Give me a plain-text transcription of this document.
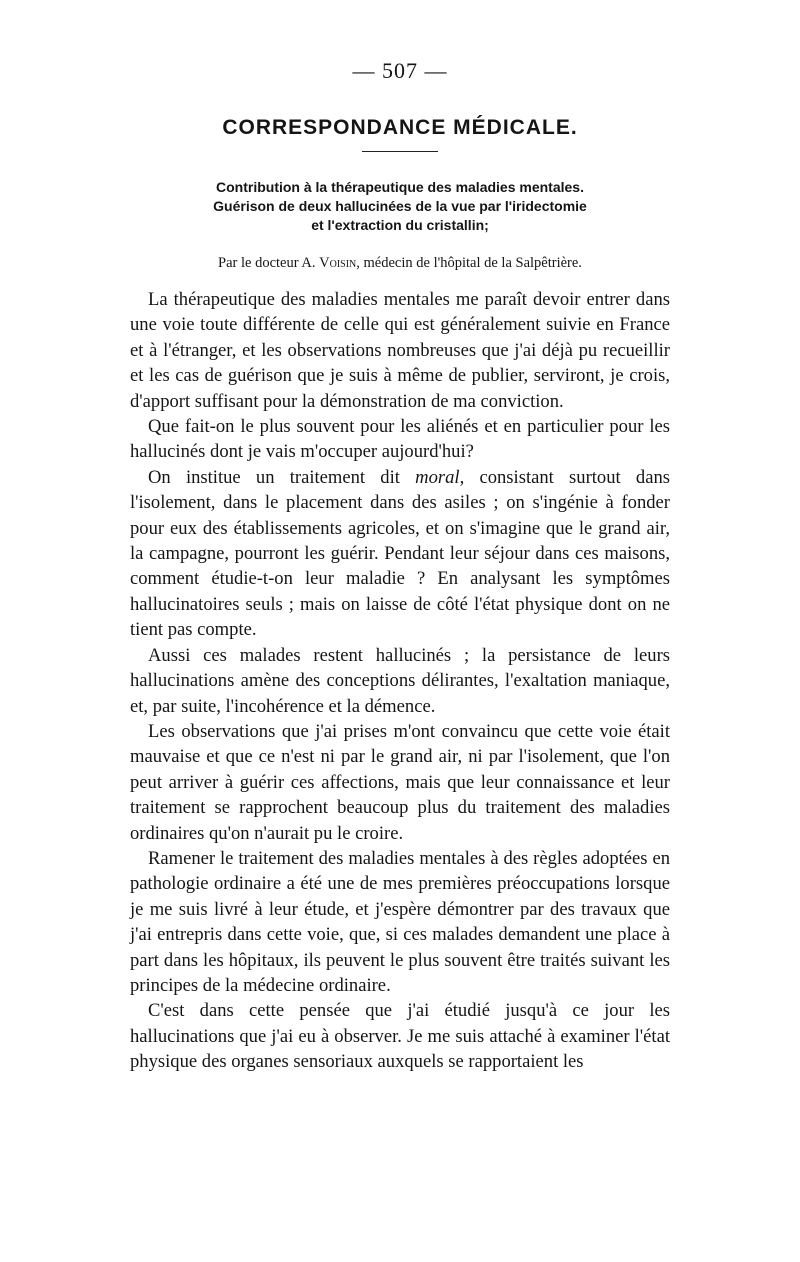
— 507 —
CORRESPONDANCE MÉDICALE.
Contribution à la thérapeutique des maladies mentales.
Guérison de deux hallucinées de la vue par l'iridectomie
et l'extraction du cristallin;
Par le docteur A. Voisin, médecin de l'hôpital de la Salpêtrière.

La thérapeutique des maladies mentales me paraît devoir entrer dans une voie toute différente de celle qui est généralement suivie en France et à l'étranger, et les observations nombreuses que j'ai déjà pu recueillir et les cas de guérison que je suis à même de publier, serviront, je crois, d'apport suffisant pour la démonstration de ma conviction.

Que fait-on le plus souvent pour les aliénés et en particulier pour les hallucinés dont je vais m'occuper aujourd'hui?

On institue un traitement dit moral, consistant surtout dans l'isolement, dans le placement dans des asiles ; on s'ingénie à fonder pour eux des établissements agricoles, et on s'imagine que le grand air, la campagne, pourront les guérir. Pendant leur séjour dans ces maisons, comment étudie-t-on leur maladie ? En analysant les symptômes hallucinatoires seuls ; mais on laisse de côté l'état physique dont on ne tient pas compte.

Aussi ces malades restent hallucinés ; la persistance de leurs hallucinations amène des conceptions délirantes, l'exaltation maniaque, et, par suite, l'incohérence et la démence.

Les observations que j'ai prises m'ont convaincu que cette voie était mauvaise et que ce n'est ni par le grand air, ni par l'isolement, que l'on peut arriver à guérir ces affections, mais que leur connaissance et leur traitement se rapprochent beaucoup plus du traitement des maladies ordinaires qu'on n'aurait pu le croire.

Ramener le traitement des maladies mentales à des règles adoptées en pathologie ordinaire a été une de mes premières préoccupations lorsque je me suis livré à leur étude, et j'espère démontrer par des travaux que j'ai entrepris dans cette voie, que, si ces malades demandent une place à part dans les hôpitaux, ils peuvent le plus souvent être traités suivant les principes de la médecine ordinaire.

C'est dans cette pensée que j'ai étudié jusqu'à ce jour les hallucinations que j'ai eu à observer. Je me suis attaché à examiner l'état physique des organes sensoriaux auxquels se rapportaient les
